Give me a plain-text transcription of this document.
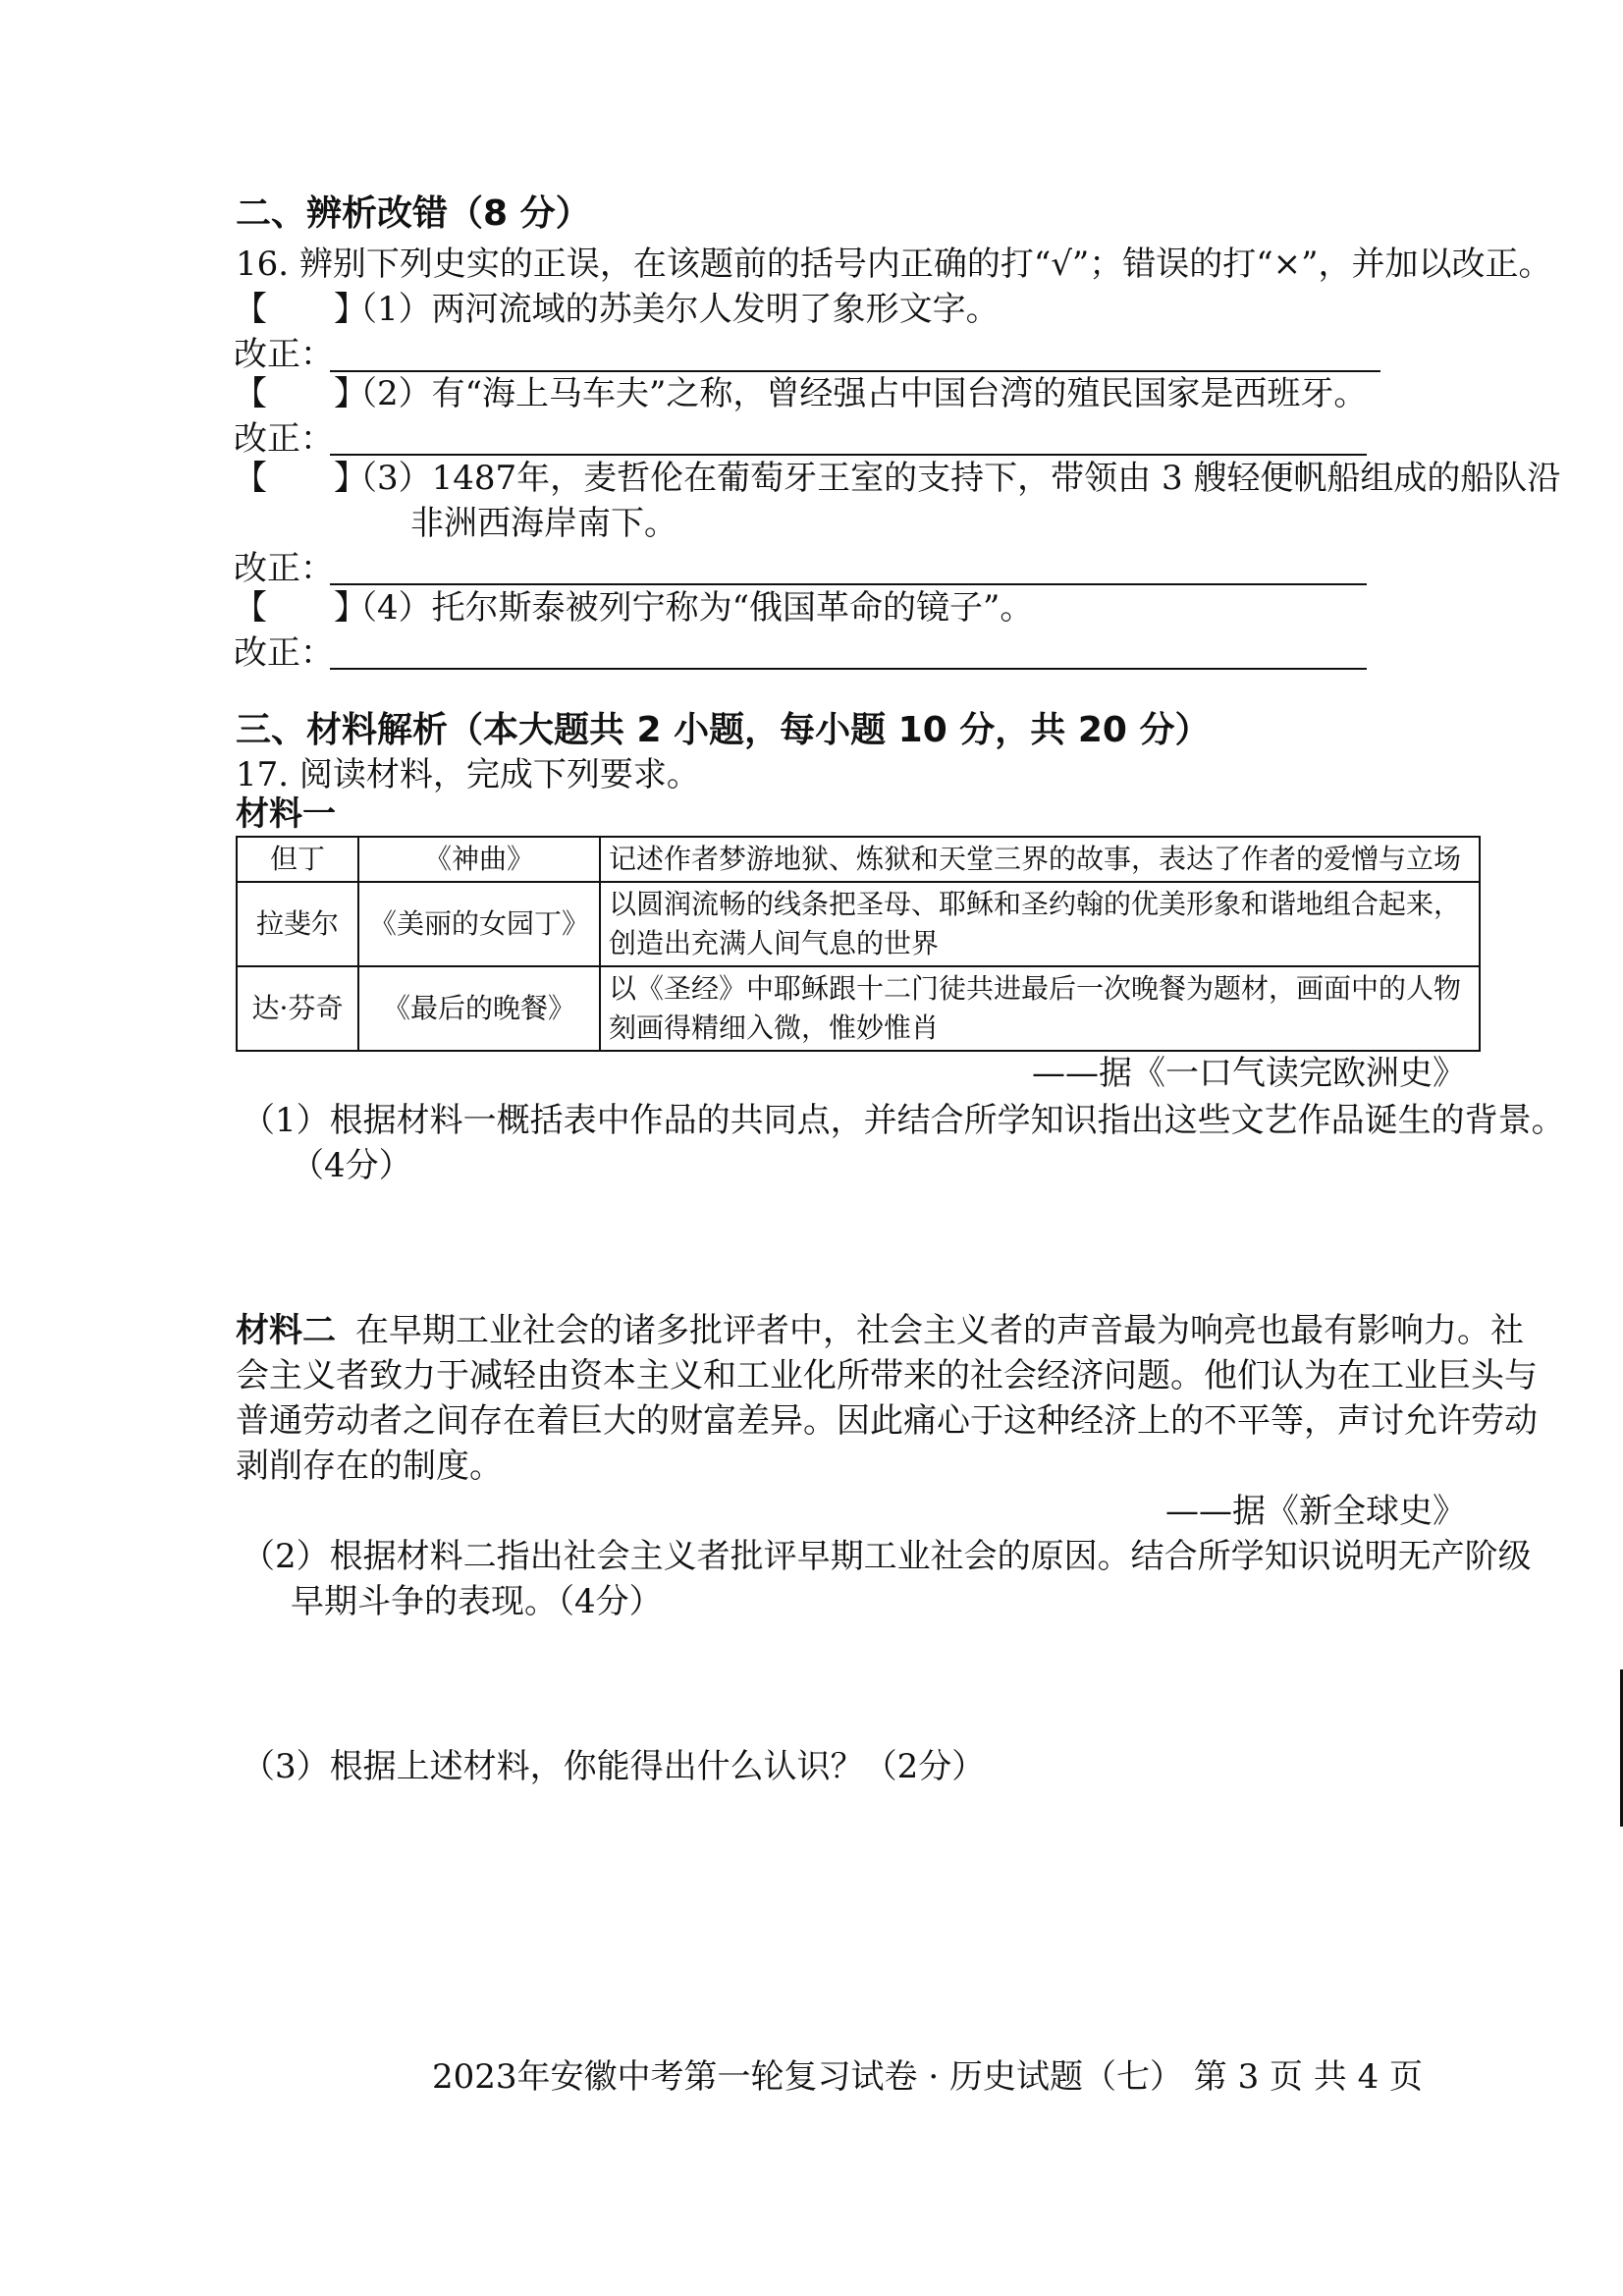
二、辨析改错（8 分）
16. 辨别下列史实的正误，在该题前的括号内正确的打“√”；错误的打“×”，并加以改正。
【　　】
（1）两河流域的苏美尔人发明了象形文字。
改正：
【　　】
（2）有“海上马车夫”之称，曾经强占中国台湾的殖民国家是西班牙。
改正：
【　　】
（3）1487年，麦哲伦在葡萄牙王室的支持下，带领由 3 艘轻便帆船组成的船队沿
非洲西海岸南下。
改正：
【　　】
（4）托尔斯泰被列宁称为“俄国革命的镜子”。
改正：
三、材料解析（本大题共 2 小题，每小题 10 分，共 20 分）
17. 阅读材料，完成下列要求。
材料一
但丁	《神曲》	记述作者梦游地狱、炼狱和天堂三界的故事，表达了作者的爱憎与立场
拉斐尔	《美丽的女园丁》	以圆润流畅的线条把圣母、耶稣和圣约翰的优美形象和谐地组合起来，创造出充满人间气息的世界
达·芬奇	《最后的晚餐》	以《圣经》中耶稣跟十二门徒共进最后一次晚餐为题材，画面中的人物刻画得精细入微，惟妙惟肖
——据《一口气读完欧洲史》
（1）根据材料一概括表中作品的共同点，并结合所学知识指出这些文艺作品诞生的背景。
（4分）
材料二 在早期工业社会的诸多批评者中，社会主义者的声音最为响亮也最有影响力。社
会主义者致力于减轻由资本主义和工业化所带来的社会经济问题。他们认为在工业巨头与
普通劳动者之间存在着巨大的财富差异。因此痛心于这种经济上的不平等，声讨允许劳动
剥削存在的制度。
——据《新全球史》
（2）根据材料二指出社会主义者批评早期工业社会的原因。结合所学知识说明无产阶级
早期斗争的表现。（4分）
（3）根据上述材料，你能得出什么认识？（2分）
2023年安徽中考第一轮复习试卷 · 历史试题（七） 第 3 页 共 4 页
